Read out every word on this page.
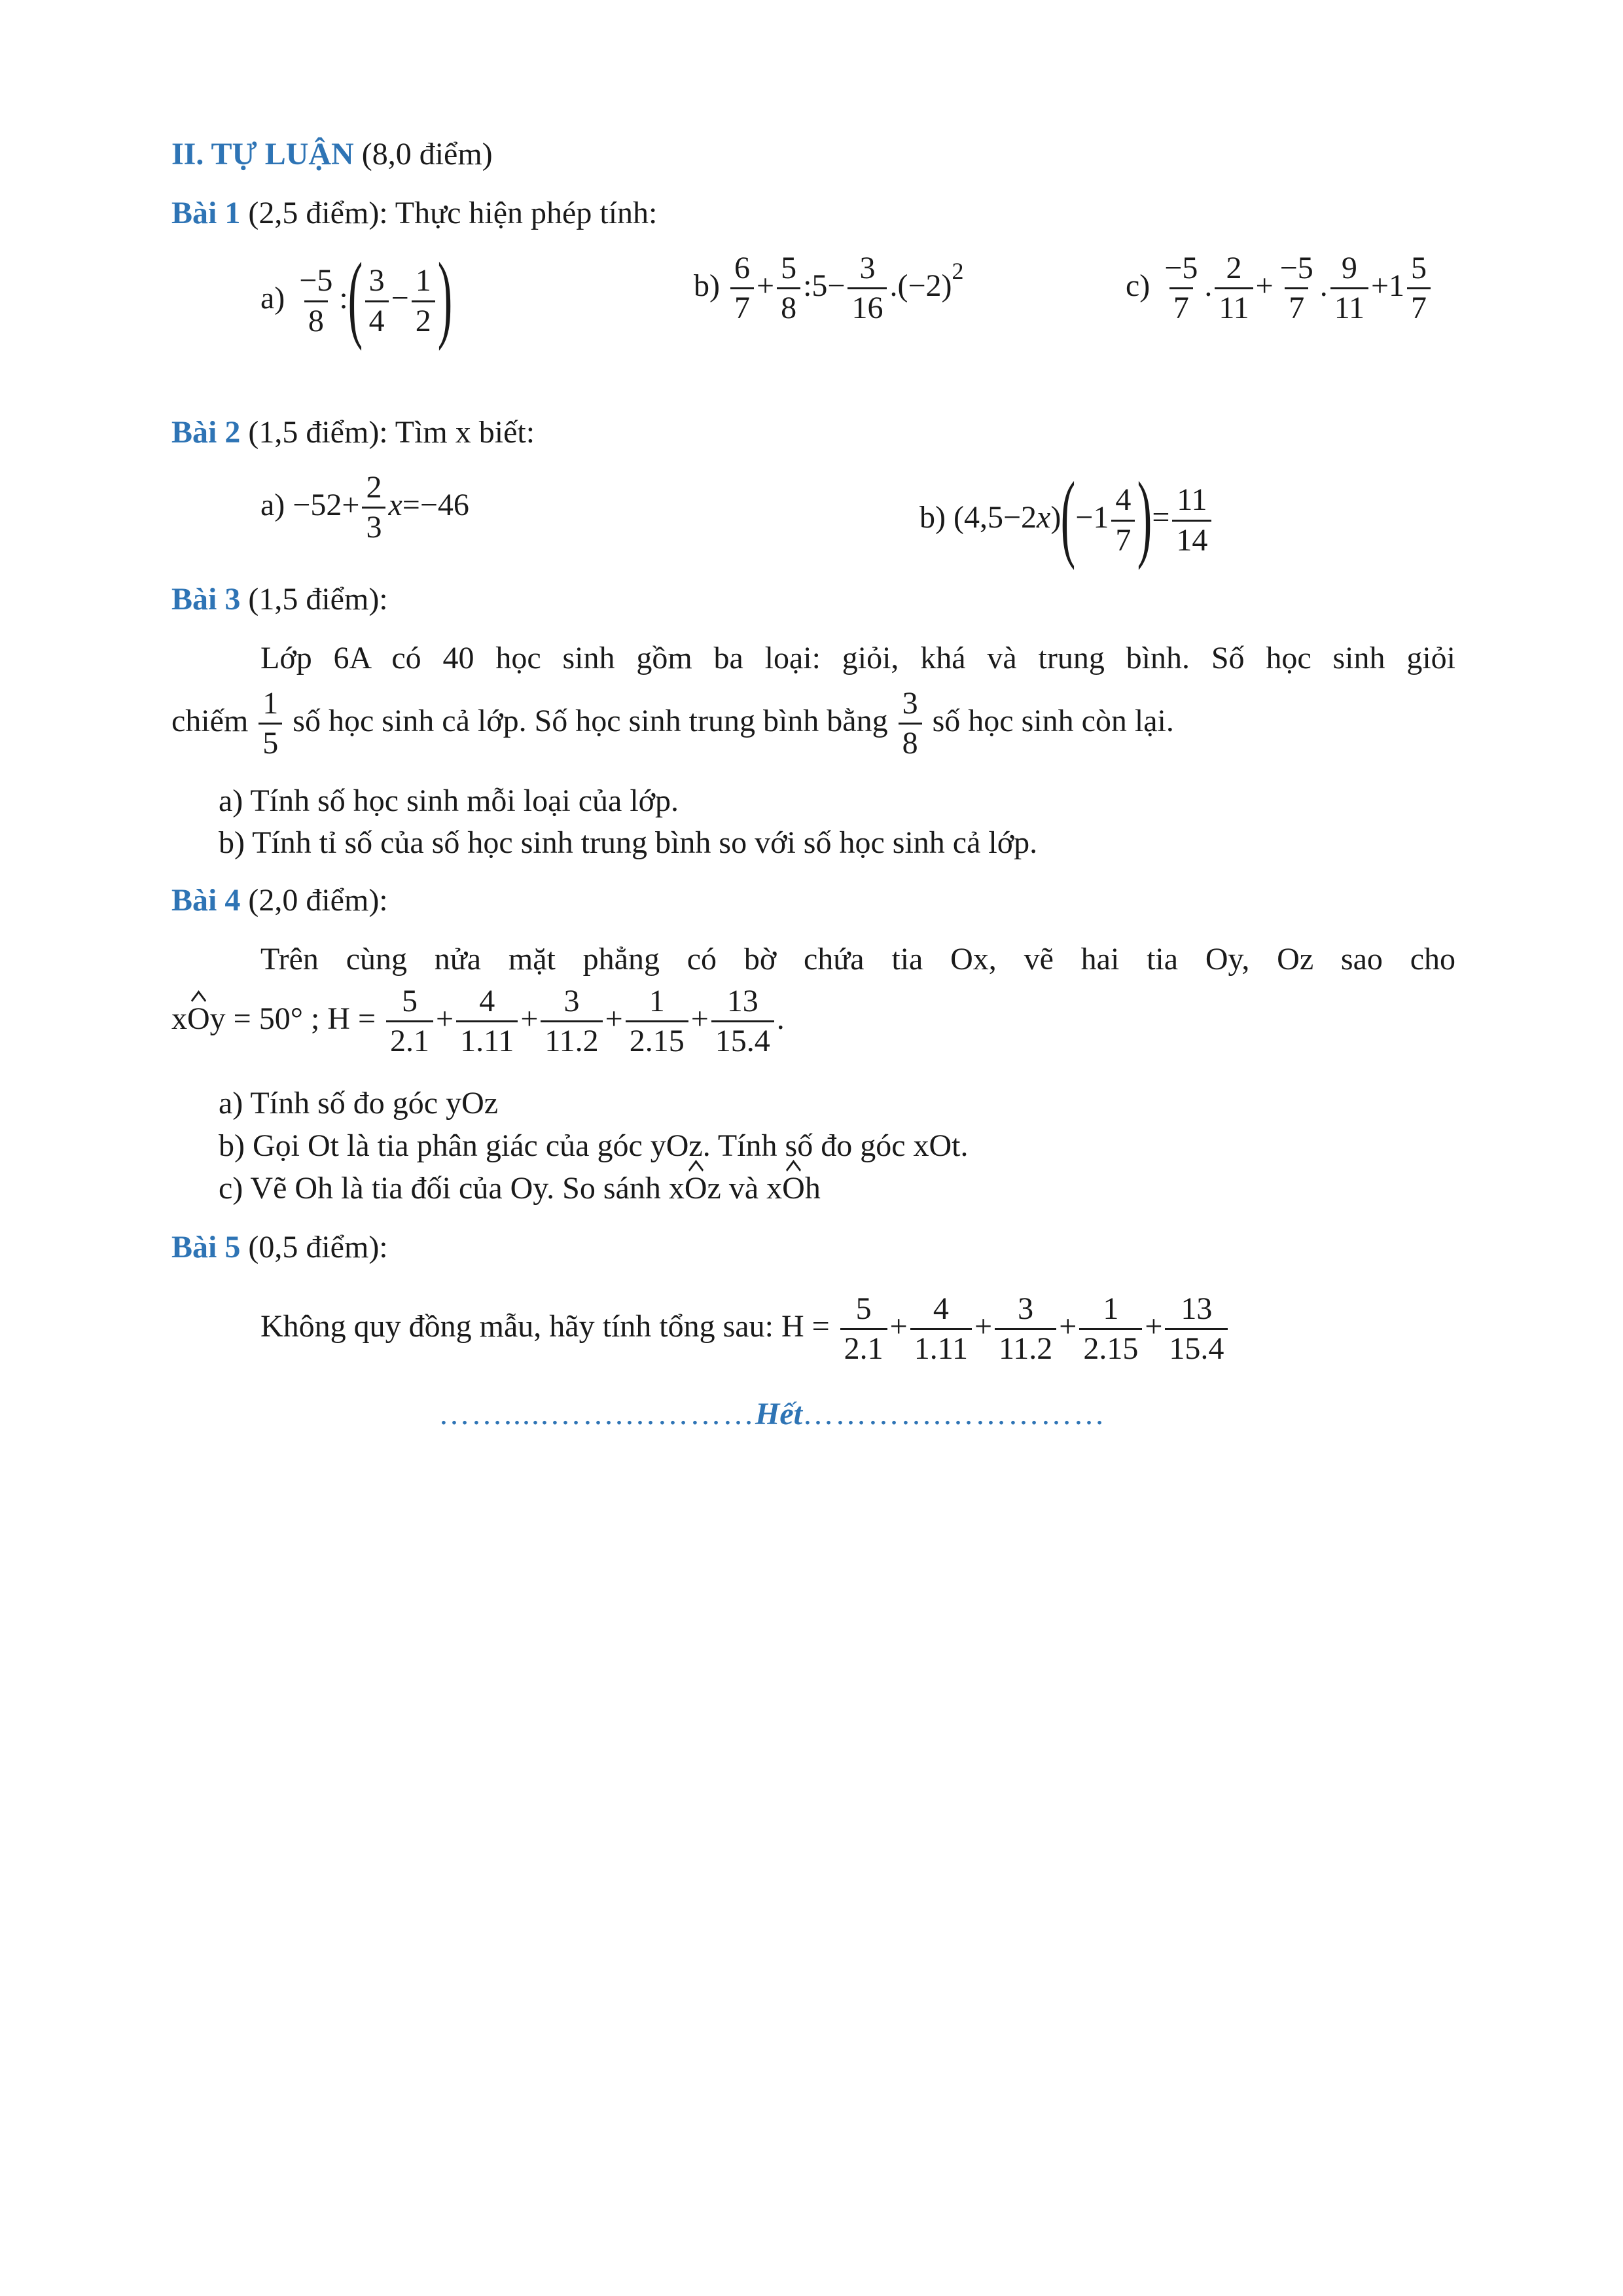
II. TỰ LUẬN (8,0 điểm)
Bài 1 (2,5 điểm): Thực hiện phép tính:
$a) \frac{-5}{8}$ :( $\frac{3}{4} - \frac{1}{2}$ )	$b) \frac{6}{7} + \frac{5}{8}$ :5− $\frac{3}{16} .(-2)^2$	$c) \frac{-5}{7}$ . $\frac{2}{11} + \frac{-5}{7}$ . $\frac{9}{11} +1 \frac{5}{7}$
Bài 2 (1,5 điểm): Tìm x biết:
$a) -52+ \frac{2}{3} x=-46$	b) $(4,5-2x)(-1 \frac{4}{7}$ )= $\frac{11}{14}$
Bài 3 (1,5 điểm):
Lớp 6A có 40 học sinh gồm ba loại: giỏi, khá và trung bình. Số học sinh giỏi
chiếm $\frac{1}{5}$ số học sinh cả lớp. Số học sinh trung bình bằng $\frac{3}{8}$ số học sinh còn lại.
a) Tính số học sinh mỗi loại của lớp.
b) Tính tỉ số của số học sinh trung bình so với số học sinh cả lớp.
Bài 4 (2,0 điểm):
Trên cùng nửa mặt phẳng có bờ chứa tia Ox, vẽ hai tia Oy, Oz sao cho
xOy = 50° ; $H = \frac{5}{2.1} + \frac{4}{1.11} + \frac{3}{11.2} + \frac{1}{2.15} + \frac{13}{15.4}$ .
a) Tính số đo góc yOz
b) Gọi Ot là tia phân giác của góc yOz. Tính số đo góc xOt.
c) Vẽ Oh là tia đối của Oy. So sánh xOz và xOh
Bài 5 (0,5 điểm):
Không quy đồng mẫu, hãy tính tổng sau: $H = \frac{5}{2.1} + \frac{4}{1.11} + \frac{3}{11.2} + \frac{1}{2.15} + \frac{13}{15.4}$
…….....…….…………Hết………….……………
